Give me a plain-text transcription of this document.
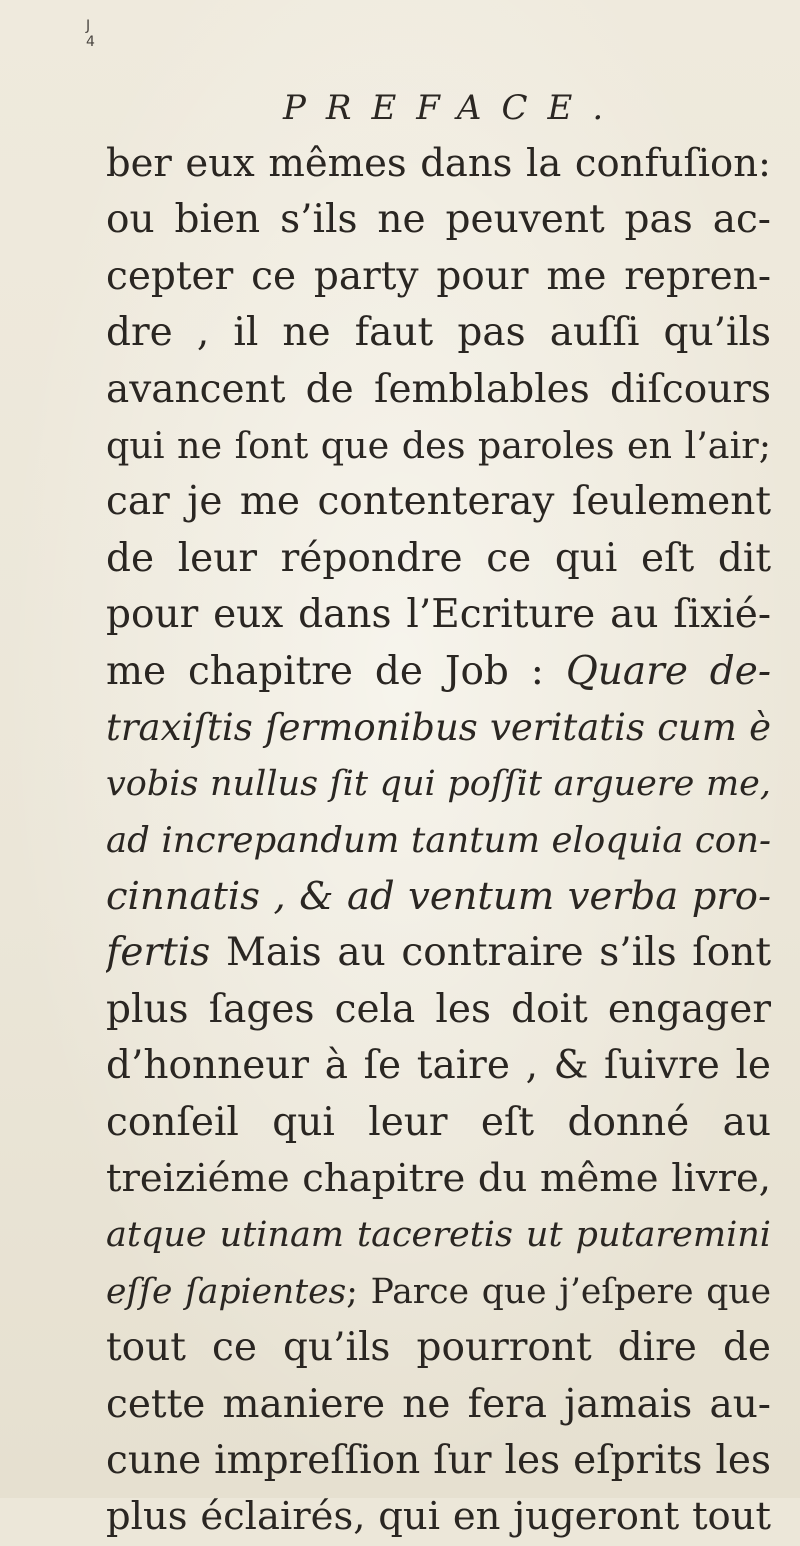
J
4
PREFACE.
ber eux mêmes dans la confuſion:
ou bien s’ils ne peuvent pas ac-
cepter ce party pour me repren-
dre , il ne faut pas auſſi qu’ils
avancent de ſemblables diſcours
qui ne ſont que des paroles en l’air;
car je me contenteray ſeulement
de leur répondre ce qui eſt dit
pour eux dans l’Ecriture au ſixié-
me chapitre de Job : Quare de-
traxiſtis ſermonibus veritatis cum è
vobis nullus ſit qui poſſit arguere me,
ad increpandum tantum eloquia con-
cinnatis , & ad ventum verba pro-
fertis Mais au contraire s’ils ſont
plus ſages cela les doit engager
d’honneur à ſe taire , & ſuivre le
conſeil qui leur eſt donné au
treiziéme chapitre du même livre,
atque utinam taceretis ut putaremini
eſſe ſapientes; Parce que j’eſpere que
tout ce qu’ils pourront dire de
cette maniere ne fera jamais au-
cune impreſſion ſur les eſprits les
plus éclairés, qui en jugeront tout
